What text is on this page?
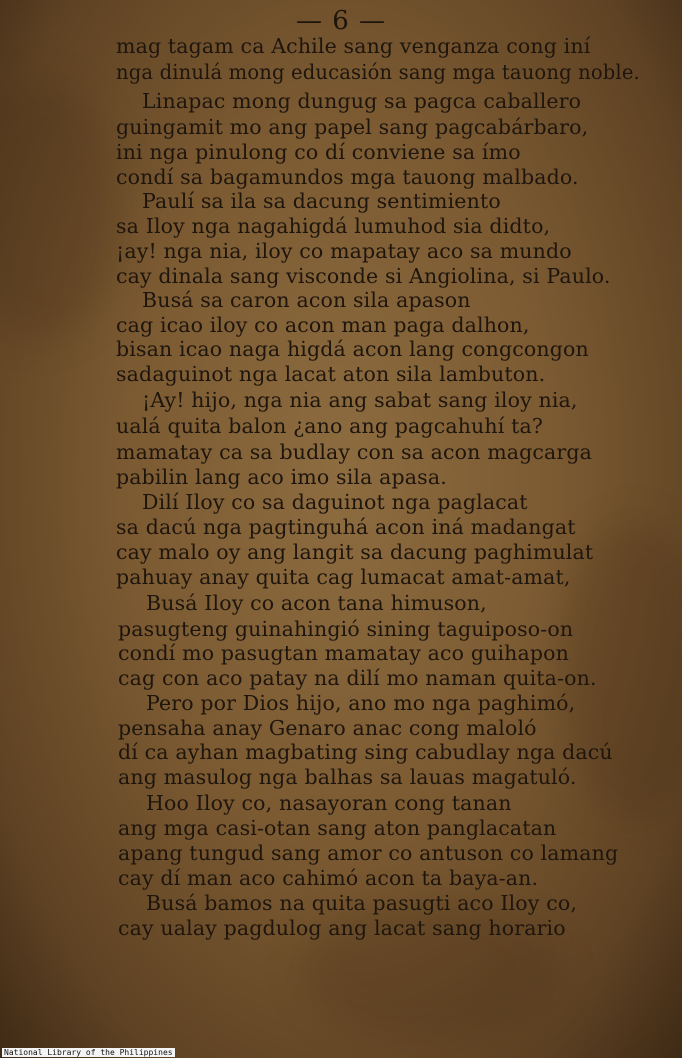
— 6 —
mag tagam ca Achile sang venganza cong iní
nga dinulá mong educasión sang mga tauong noble.
Linapac mong dungug sa pagca caballero
guingamit mo ang papel sang pagcabárbaro,
ini nga pinulong co dí conviene sa ímo
condí sa bagamundos mga tauong malbado.
Paulí sa ila sa dacung sentimiento
sa Iloy nga nagahigdá lumuhod sia didto,
¡ay! nga nia, iloy co mapatay aco sa mundo
cay dinala sang visconde si Angiolina, si Paulo.
Busá sa caron acon sila apason
cag icao iloy co acon man paga dalhon,
bisan icao naga higdá acon lang congcongon
sadaguinot nga lacat aton sila lambuton.
¡Ay! hijo, nga nia ang sabat sang iloy nia,
ualá quita balon ¿ano ang pagcahuhí ta?
mamatay ca sa budlay con sa acon magcarga
pabilin lang aco imo sila apasa.
Dilí Iloy co sa daguinot nga paglacat
sa dacú nga pagtinguhá acon iná madangat
cay malo oy ang langit sa dacung paghimulat
pahuay anay quita cag lumacat amat-amat,
Busá Iloy co acon tana himuson,
pasugteng guinahingió sining taguiposo-on
condí mo pasugtan mamatay aco guihapon
cag con aco patay na dilí mo naman quita-on.
Pero por Dios hijo, ano mo nga paghimó,
pensaha anay Genaro anac cong maloló
dí ca ayhan magbating sing cabudlay nga dacú
ang masulog nga balhas sa lauas magatuló.
Hoo Iloy co, nasayoran cong tanan
ang mga casi-otan sang aton panglacatan
apang tungud sang amor co antuson co lamang
cay dí man aco cahimó acon ta baya-an.
Busá bamos na quita pasugti aco Iloy co,
cay ualay pagdulog ang lacat sang horario
National Library of the Philippines
